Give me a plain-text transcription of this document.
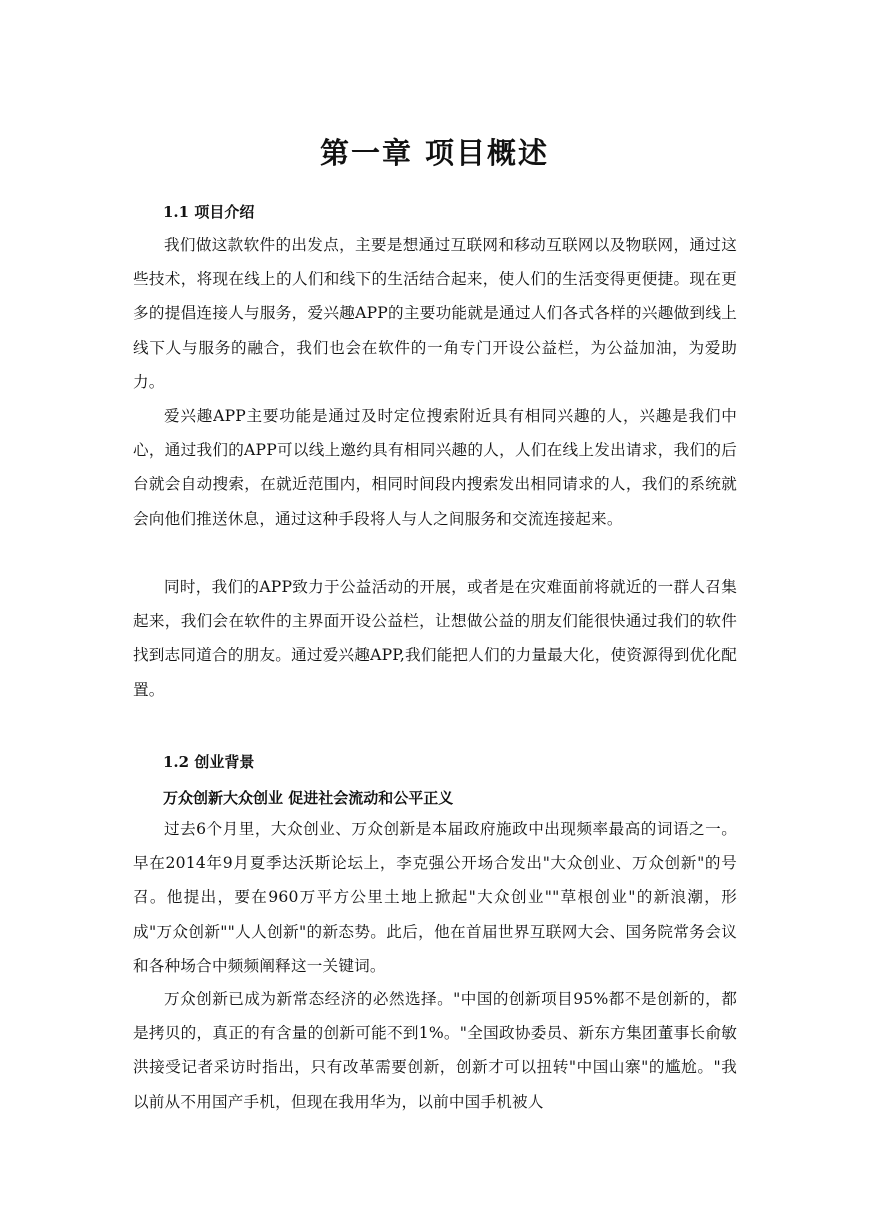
第一章 项目概述
1.1 项目介绍

我们做这款软件的出发点，主要是想通过互联网和移动互联网以及物联网，通过这些技术，将现在线上的人们和线下的生活结合起来，使人们的生活变得更便捷。现在更多的提倡连接人与服务，爱兴趣APP的主要功能就是通过人们各式各样的兴趣做到线上线下人与服务的融合，我们也会在软件的一角专门开设公益栏，为公益加油，为爱助力。

爱兴趣APP主要功能是通过及时定位搜索附近具有相同兴趣的人，兴趣是我们中心，通过我们的APP可以线上邀约具有相同兴趣的人，人们在线上发出请求，我们的后台就会自动搜索，在就近范围内，相同时间段内搜索发出相同请求的人，我们的系统就会向他们推送休息，通过这种手段将人与人之间服务和交流连接起来。

同时，我们的APP致力于公益活动的开展，或者是在灾难面前将就近的一群人召集起来，我们会在软件的主界面开设公益栏，让想做公益的朋友们能很快通过我们的软件找到志同道合的朋友。通过爱兴趣APP,我们能把人们的力量最大化，使资源得到优化配置。

1.2 创业背景
万众创新大众创业 促进社会流动和公平正义

过去6个月里，大众创业、万众创新是本届政府施政中出现频率最高的词语之一。早在2014年9月夏季达沃斯论坛上，李克强公开场合发出"大众创业、万众创新"的号召。他提出，要在960万平方公里土地上掀起"大众创业""草根创业"的新浪潮，形成"万众创新""人人创新"的新态势。此后，他在首届世界互联网大会、国务院常务会议和各种场合中频频阐释这一关键词。

万众创新已成为新常态经济的必然选择。"中国的创新项目95%都不是创新的，都是拷贝的，真正的有含量的创新可能不到1%。"全国政协委员、新东方集团董事长俞敏洪接受记者采访时指出，只有改革需要创新，创新才可以扭转"中国山寨"的尴尬。"我以前从不用国产手机，但现在我用华为，以前中国手机被人
